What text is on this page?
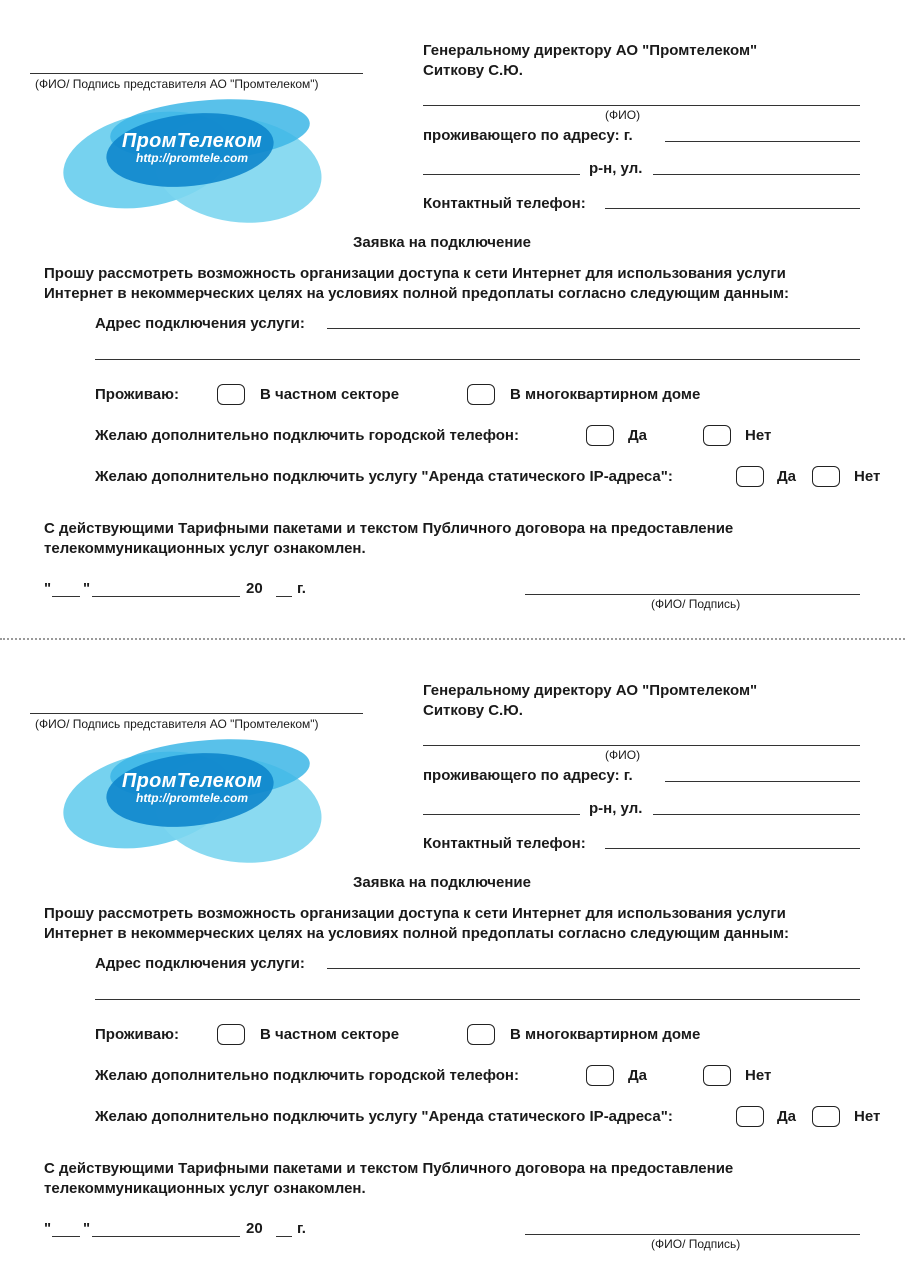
(ФИО/ Подпись представителя АО "Промтелеком")
ПромТелеком
http://promtele.com
Генеральному директору АО "Промтелеком"
Ситкову С.Ю.
(ФИО)
проживающего по адресу: г.
р-н, ул.
Контактный телефон:
Заявка на подключение
Прошу рассмотреть возможность организации доступа к сети Интернет для использования услуги
Интернет в некоммерческих целях на условиях полной предоплаты согласно следующим данным:
Адрес подключения услуги:
Проживаю:	В частном секторе	В многоквартирном доме
Желаю дополнительно подключить городской телефон:	Да	Нет
Желаю дополнительно подключить услугу "Аренда статического IP-адреса":	Да	Нет
С действующими Тарифными пакетами и текстом Публичного договора на предоставление
телекоммуникационных услуг ознакомлен.
" "	20 г.
(ФИО/ Подпись)
(ФИО/ Подпись представителя АО "Промтелеком")
ПромТелеком
http://promtele.com
Генеральному директору АО "Промтелеком"
Ситкову С.Ю.
(ФИО)
проживающего по адресу: г.
р-н, ул.
Контактный телефон:
Заявка на подключение
Прошу рассмотреть возможность организации доступа к сети Интернет для использования услуги
Интернет в некоммерческих целях на условиях полной предоплаты согласно следующим данным:
Адрес подключения услуги:
Проживаю:	В частном секторе	В многоквартирном доме
Желаю дополнительно подключить городской телефон:	Да	Нет
Желаю дополнительно подключить услугу "Аренда статического IP-адреса":	Да	Нет
С действующими Тарифными пакетами и текстом Публичного договора на предоставление
телекоммуникационных услуг ознакомлен.
" "	20 г.
(ФИО/ Подпись)
